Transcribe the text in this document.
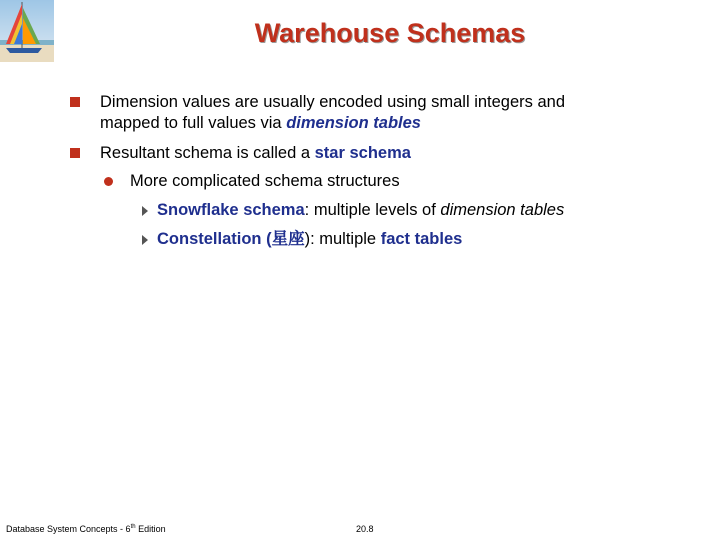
Warehouse Schemas
Dimension values are usually encoded using small integers and
mapped to full values via dimension tables
Resultant schema is called a star schema
More complicated schema structures
Snowflake schema: multiple levels of dimension tables
Constellation (星座): multiple fact tables
Database System Concepts - 6th Edition	20.8
